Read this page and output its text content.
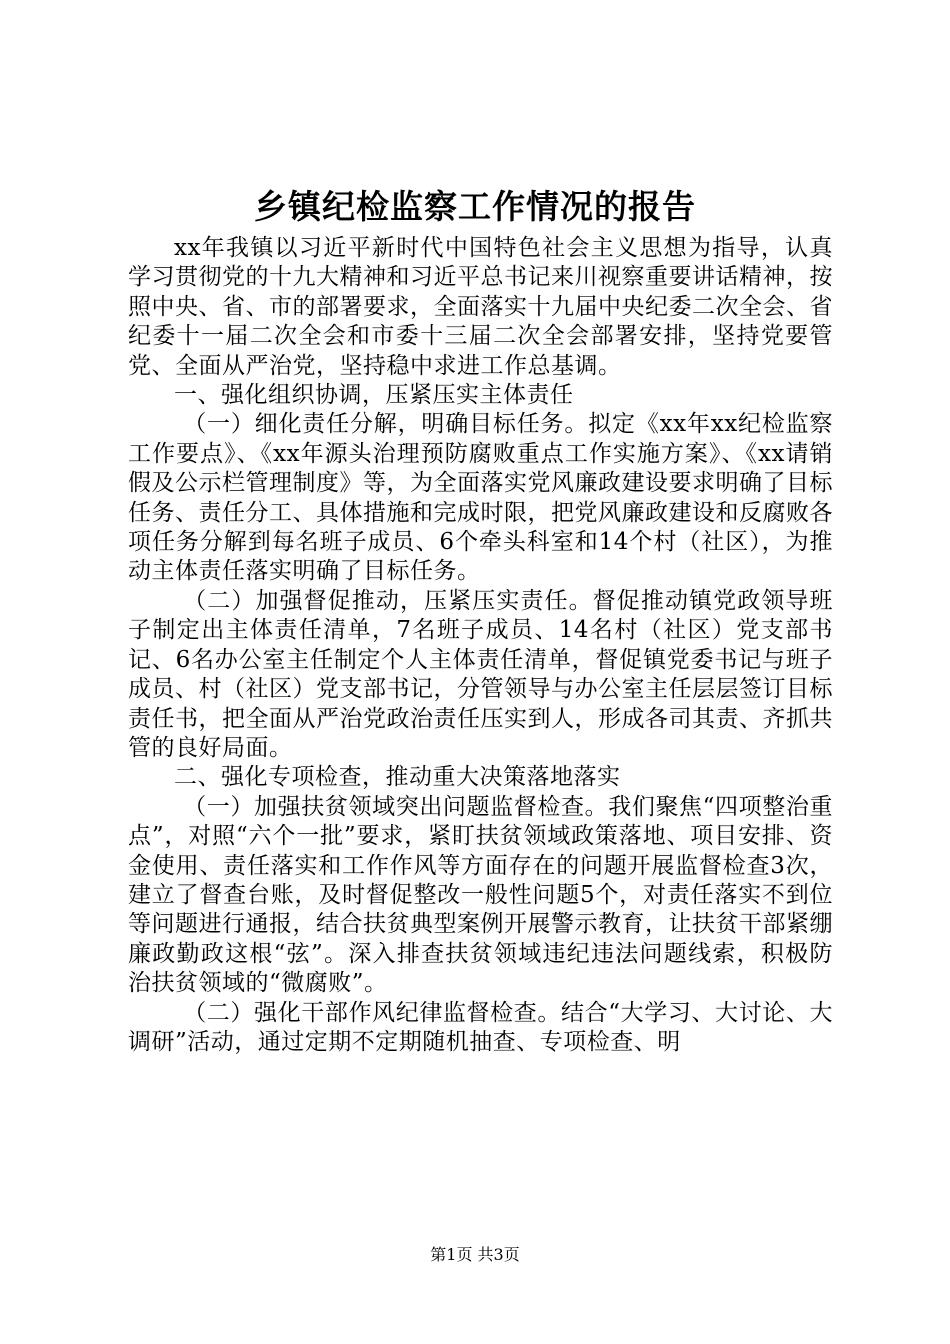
乡镇纪检监察工作情况的报告

xx年我镇以习近平新时代中国特色社会主义思想为指导，认真学习贯彻党的十九大精神和习近平总书记来川视察重要讲话精神，按照中央、省、市的部署要求，全面落实十九届中央纪委二次全会、省纪委十一届二次全会和市委十三届二次全会部署安排，坚持党要管党、全面从严治党，坚持稳中求进工作总基调。

一、强化组织协调，压紧压实主体责任

（一）细化责任分解，明确目标任务。拟定《xx年xx纪检监察工作要点》、《xx年源头治理预防腐败重点工作实施方案》、《xx请销假及公示栏管理制度》等，为全面落实党风廉政建设要求明确了目标任务、责任分工、具体措施和完成时限，把党风廉政建设和反腐败各项任务分解到每名班子成员、6个牵头科室和14个村（社区），为推动主体责任落实明确了目标任务。

（二）加强督促推动，压紧压实责任。督促推动镇党政领导班子制定出主体责任清单，7名班子成员、14名村（社区）党支部书记、6名办公室主任制定个人主体责任清单，督促镇党委书记与班子成员、村（社区）党支部书记，分管领导与办公室主任层层签订目标责任书，把全面从严治党政治责任压实到人，形成各司其责、齐抓共管的良好局面。

二、强化专项检查，推动重大决策落地落实

（一）加强扶贫领域突出问题监督检查。我们聚焦“四项整治重点”，对照“六个一批”要求，紧盯扶贫领域政策落地、项目安排、资金使用、责任落实和工作作风等方面存在的问题开展监督检查3次，建立了督查台账，及时督促整改一般性问题5个，对责任落实不到位等问题进行通报，结合扶贫典型案例开展警示教育，让扶贫干部紧绷廉政勤政这根“弦”。深入排查扶贫领域违纪违法问题线索，积极防治扶贫领域的“微腐败”。

（二）强化干部作风纪律监督检查。结合“大学习、大讨论、大调研”活动，通过定期不定期随机抽查、专项检查、明

第1页 共3页
